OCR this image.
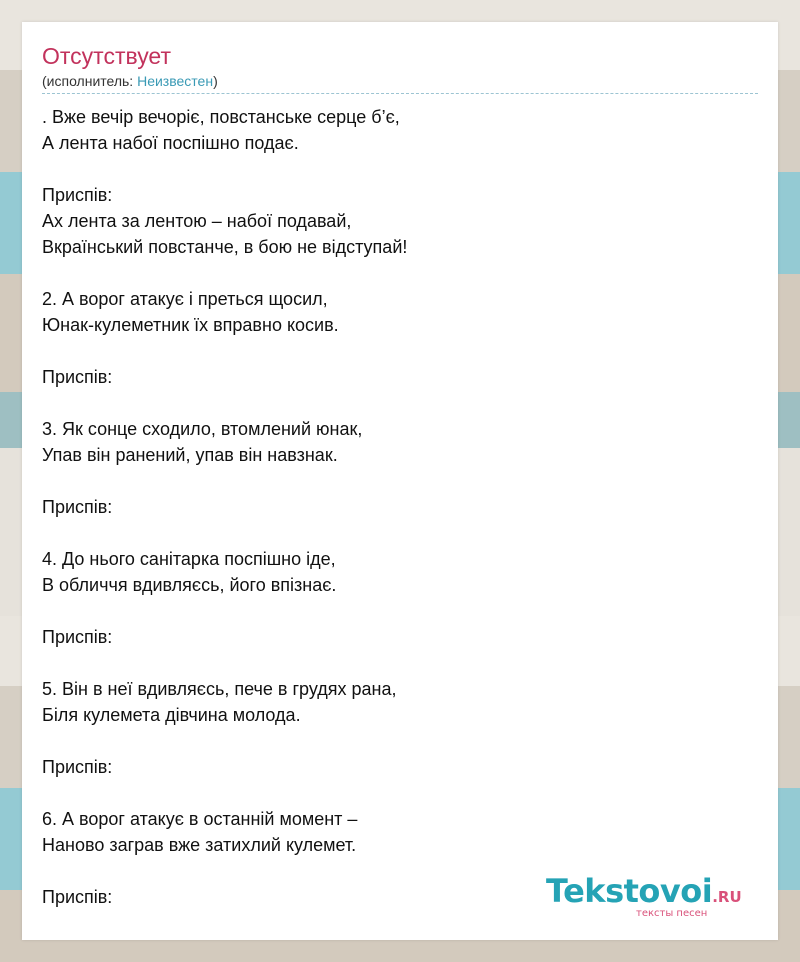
Отсутствует
(исполнитель: Неизвестен)
. Вже вечір вечоріє, повстанське серце б’є,
А лента набої поспішно подає.
Приспів:
Ах лента за лентою – набої подавай,
Вкраїнський повстанче, в бою не відступай!
2. А ворог атакує і преться щосил,
Юнак-кулеметник їх вправно косив.
Приспів:
3. Як сонце сходило, втомлений юнак,
Упав він ранений, упав він навзнак.
Приспів:
4. До нього санітарка поспішно іде,
В обличчя вдивляєсь, його впізнає.
Приспів:
5. Він в неї вдивляєсь, пече в грудях рана,
Біля кулемета дівчина молода.
Приспів:
6. А ворог атакує в останній момент –
Наново заграв вже затихлий кулемет.
Приспів:	Tekstovoi.RU
тексты песен
